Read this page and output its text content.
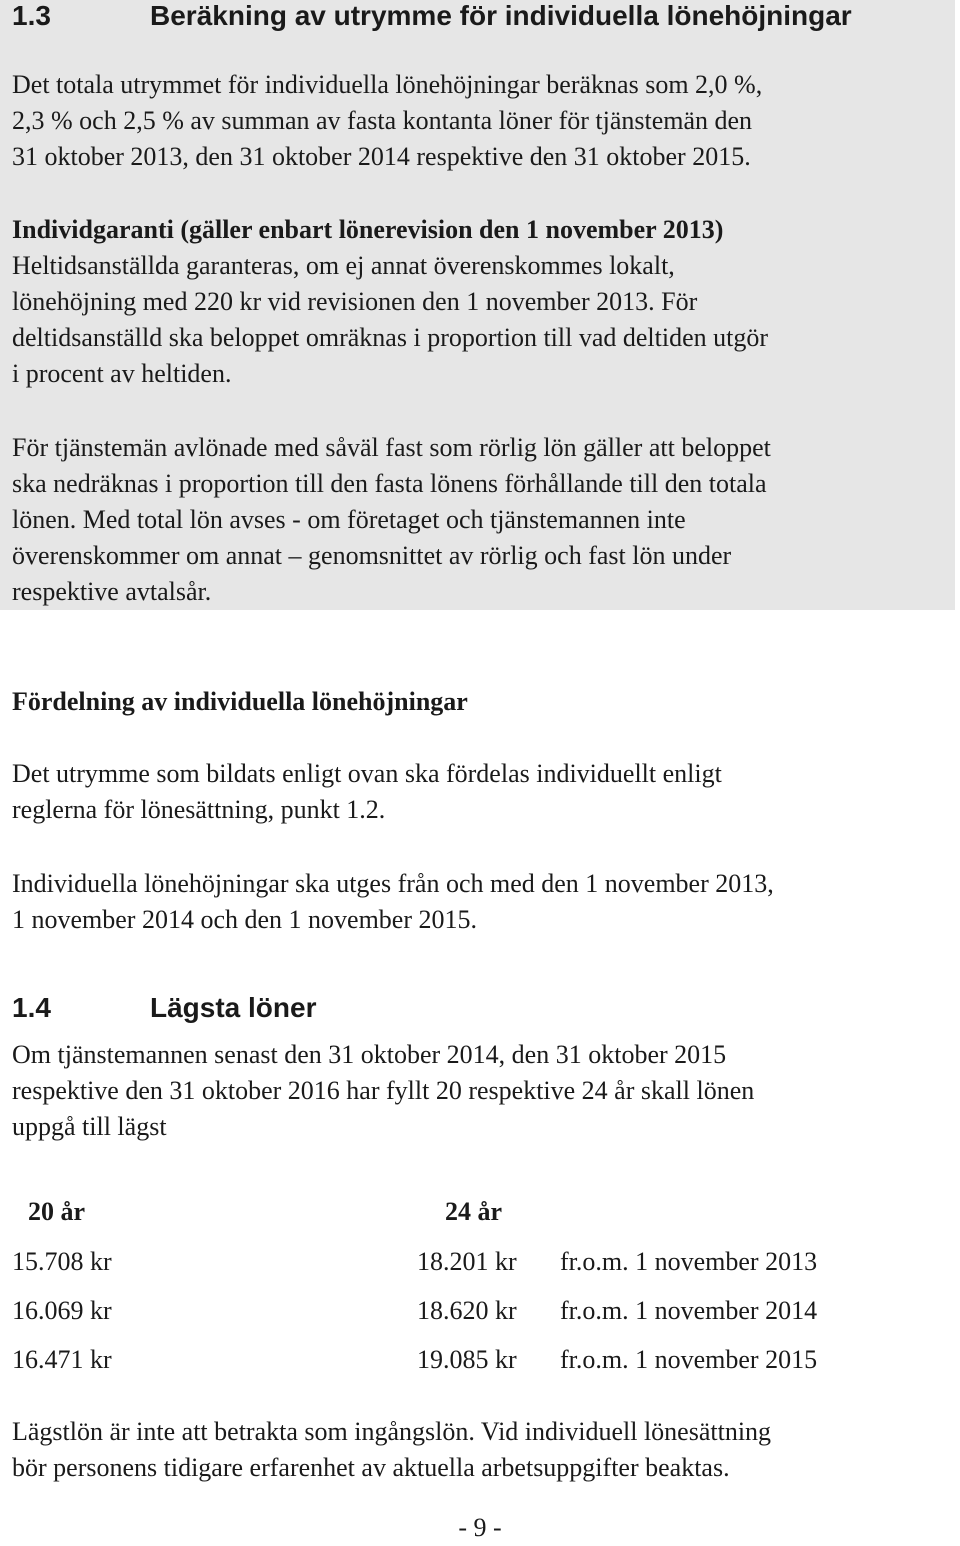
1.3	Beräkning av utrymme för individuella lönehöjningar
Det totala utrymmet för individuella lönehöjningar beräknas som 2,0 %,
2,3 % och 2,5 % av summan av fasta kontanta löner för tjänstemän den
31 oktober 2013, den 31 oktober 2014 respektive den 31 oktober 2015.
Individgaranti (gäller enbart lönerevision den 1 november 2013)
Heltidsanställda garanteras, om ej annat överenskommes lokalt,
lönehöjning med 220 kr vid revisionen den 1 november 2013. För
deltidsanställd ska beloppet omräknas i proportion till vad deltiden utgör
i procent av heltiden.
För tjänstemän avlönade med såväl fast som rörlig lön gäller att beloppet
ska nedräknas i proportion till den fasta lönens förhållande till den totala
lönen. Med total lön avses - om företaget och tjänstemannen inte
överenskommer om annat – genomsnittet av rörlig och fast lön under
respektive avtalsår.
Fördelning av individuella lönehöjningar
Det utrymme som bildats enligt ovan ska fördelas individuellt enligt
reglerna för lönesättning, punkt 1.2.
Individuella lönehöjningar ska utges från och med den 1 november 2013,
1 november 2014 och den 1 november 2015.
1.4	Lägsta löner
Om tjänstemannen senast den 31 oktober 2014, den 31 oktober 2015
respektive den 31 oktober 2016 har fyllt 20 respektive 24 år skall lönen
uppgå till lägst
20 år	24 år
15.708 kr	18.201 kr fr.o.m. 1 november 2013
16.069 kr	18.620 kr fr.o.m. 1 november 2014
16.471 kr	19.085 kr fr.o.m. 1 november 2015
Lägstlön är inte att betrakta som ingångslön. Vid individuell lönesättning
bör personens tidigare erfarenhet av aktuella arbetsuppgifter beaktas.
- 9 -
